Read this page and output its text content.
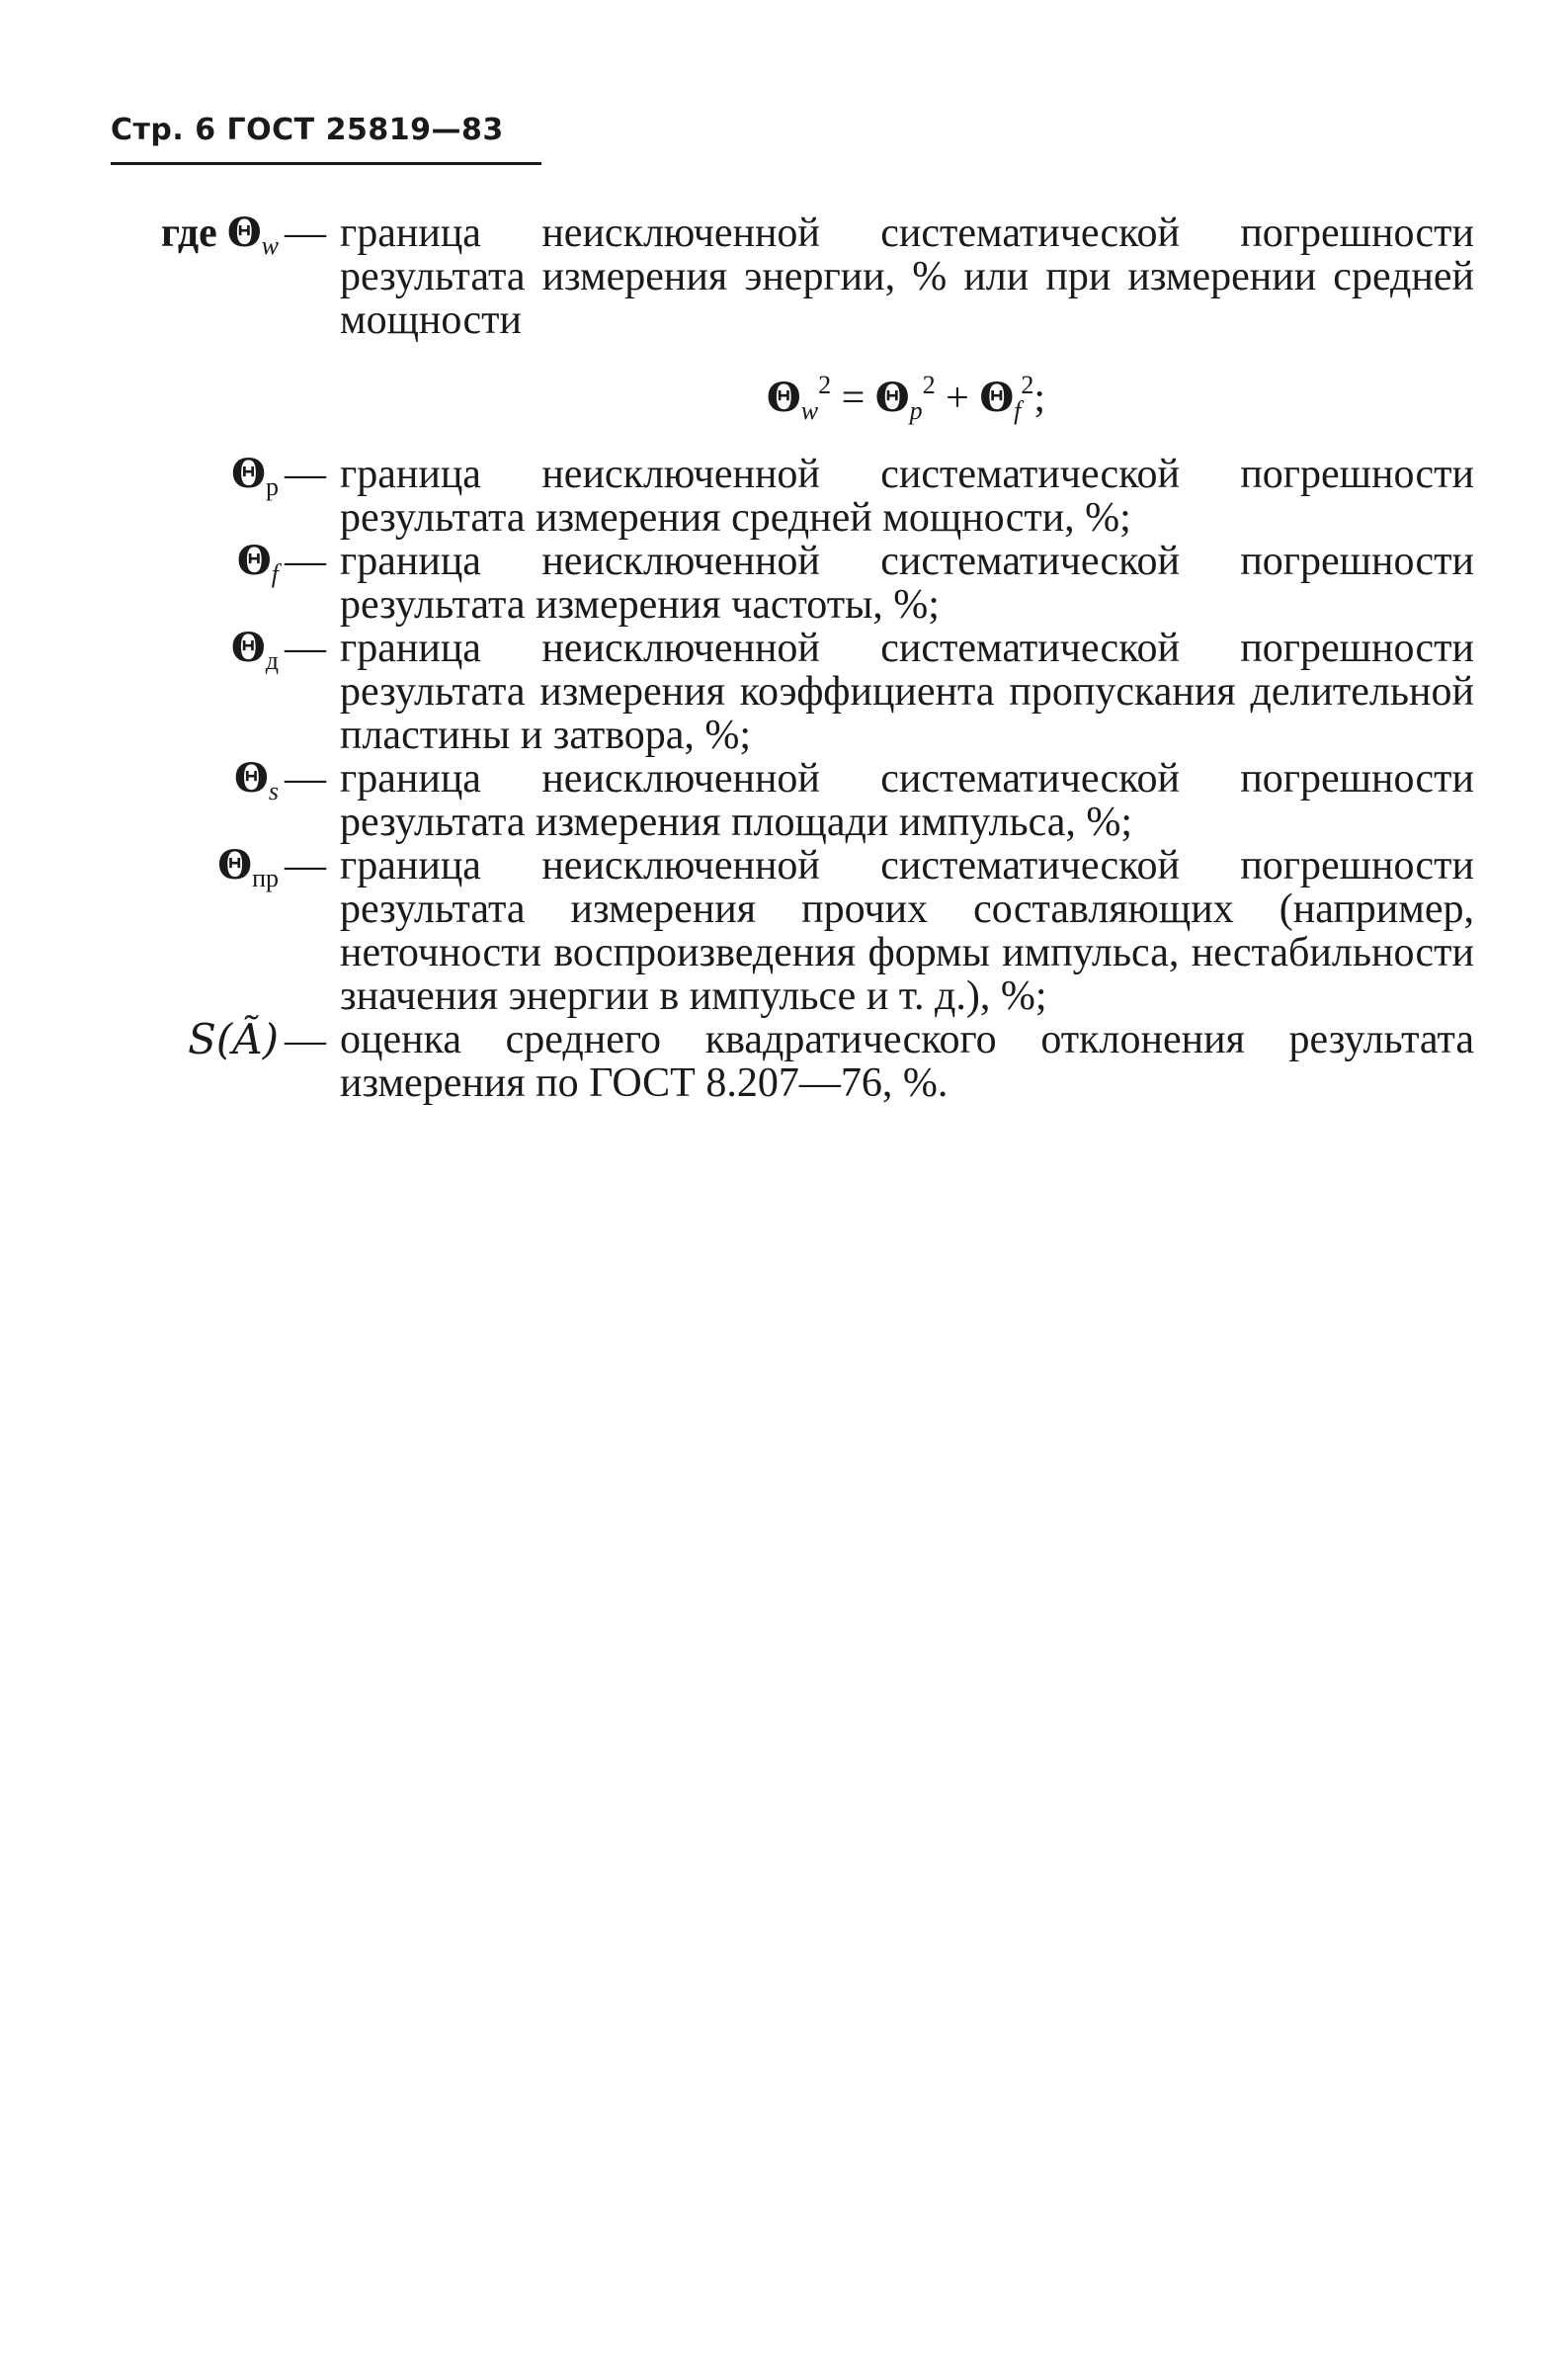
Стр. 6 ГОСТ 25819—83
где $\Theta_w$ — граница неисключенной систематической погрешности результата измерения энергии, % или при измерении средней мощности
$\Theta_w^2 = \Theta_p^2 + \Theta_f^2$;
$\Theta_р$ — граница неисключенной систематической погрешности результата измерения средней мощности, %;
$\Theta_f$ — граница неисключенной систематической погрешности результата измерения частоты, %;
$\Theta_д$ — граница неисключенной систематической погрешности результата измерения коэффициента пропускания делительной пластины и затвора, %;
$\Theta_s$ — граница неисключенной систематической погрешности результата измерения площади импульса, %;
$\Theta_{пр}$ — граница неисключенной систематической погрешности результата измерения прочих составляющих (например, неточности воспроизведения формы импульса, нестабильности значения энергии в импульсе и т. д.), %;
S(Ã) — оценка среднего квадратического отклонения результата измерения по ГОСТ 8.207—76, %.
